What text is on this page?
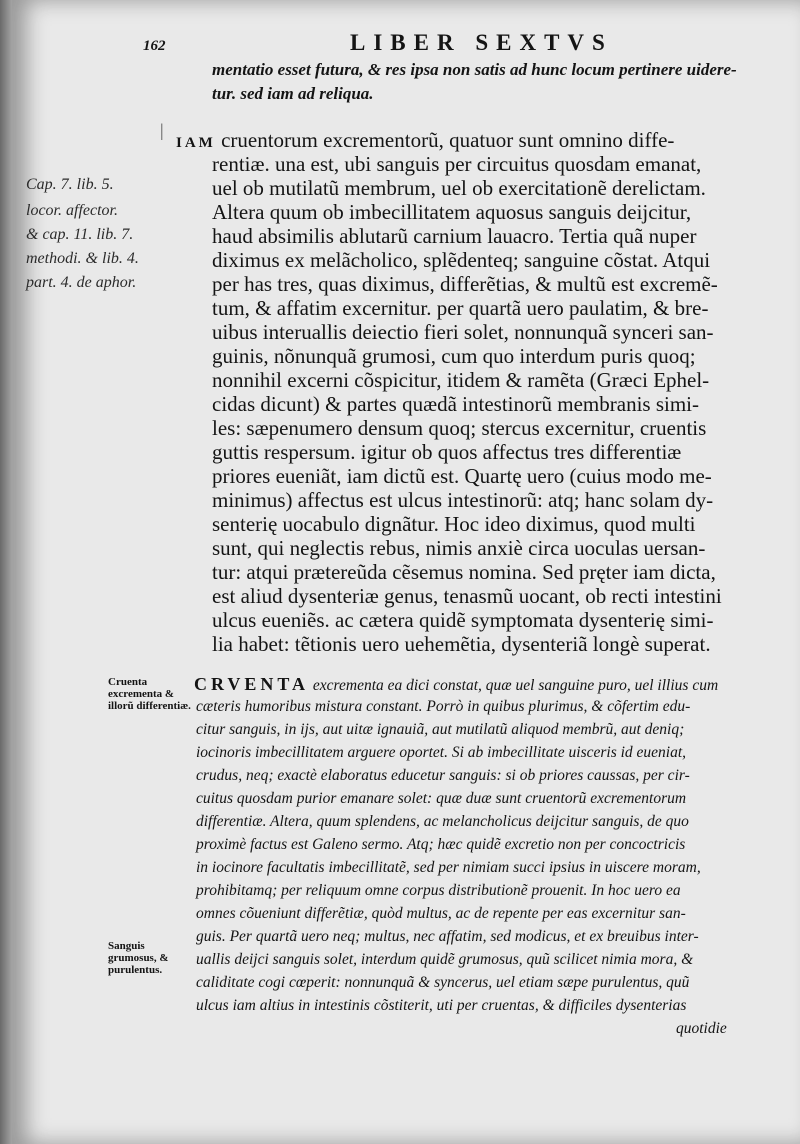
162	LIBER SEXTVS
mentatio esset futura, & res ipsa non satis ad hunc locum pertinere uidere-
tur. sed iam ad reliqua.
|
IAM cruentorum excrementorũ, quatuor sunt omnino diffe-
rentiæ. una est, ubi sanguis per circuitus quosdam emanat,
uel ob mutilatũ membrum, uel ob exercitationẽ derelictam.
Altera quum ob imbecillitatem aquosus sanguis deijcitur,
haud absimilis ablutarũ carnium lauacro. Tertia quã nuper
diximus ex melãcholico, splẽdenteq; sanguine cõstat. Atqui
per has tres, quas diximus, differẽtias, & multũ est excremẽ-
tum, & affatim excernitur. per quartã uero paulatim, & bre-
uibus interuallis deiectio fieri solet, nonnunquã synceri san-
guinis, nõnunquã grumosi, cum quo interdum puris quoq;
nonnihil excerni cõspicitur, itidem & ramẽta (Græci Ephel-
cidas dicunt) & partes quædã intestinorũ membranis simi-
les: sæpenumero densum quoq; stercus excernitur, cruentis
guttis respersum. igitur ob quos affectus tres differentiæ
priores eueniãt, iam dictũ est. Quartę uero (cuius modo me-
minimus) affectus est ulcus intestinorũ: atq; hanc solam dy-
senterię uocabulo dignãtur. Hoc ideo diximus, quod multi
sunt, qui neglectis rebus, nimis anxiè circa uoculas uersan-
tur: atqui prætereũda cẽsemus nomina. Sed pręter iam dicta,
est aliud dysenteriæ genus, tenasmũ uocant, ob recti intestini
ulcus eueniẽs. ac cætera quidẽ symptomata dysenterię simi-
lia habet: tẽtionis uero uehemẽtia, dysenteriã longè superat.
Cap. 7. lib. 5.
locor. affector.
& cap. 11. lib. 7.
methodi. & lib. 4.
part. 4. de aphor.
Cruenta excrementa & illorũ differentiæ.
Sanguis grumosus, & purulentus.
CRVENTA excrementa ea dici constat, quæ uel sanguine puro, uel illius cum
cæteris humoribus mistura constant. Porrò in quibus plurimus, & cõfertim edu-
citur sanguis, in ijs, aut uitæ ignauiã, aut mutilatũ aliquod membrũ, aut deniq;
iocinoris imbecillitatem arguere oportet. Si ab imbecillitate uisceris id eueniat,
crudus, neq; exactè elaboratus educetur sanguis: si ob priores caussas, per cir-
cuitus quosdam purior emanare solet: quæ duæ sunt cruentorũ excrementorum
differentiæ. Altera, quum splendens, ac melancholicus deijcitur sanguis, de quo
proximè factus est Galeno sermo. Atq; hæc quidẽ excretio non per concoctricis
in iocinore facultatis imbecillitatẽ, sed per nimiam succi ipsius in uiscere moram,
prohibitamq; per reliquum omne corpus distributionẽ prouenit. In hoc uero ea
omnes cõueniunt differẽtiæ, quòd multus, ac de repente per eas excernitur san-
guis. Per quartã uero neq; multus, nec affatim, sed modicus, et ex breuibus inter-
uallis deijci sanguis solet, interdum quidẽ grumosus, quũ scilicet nimia mora, &
caliditate cogi cœperit: nonnunquã & syncerus, uel etiam sæpe purulentus, quũ
ulcus iam altius in intestinis cõstiterit, uti per cruentas, & difficiles dysenterias
quotidie
